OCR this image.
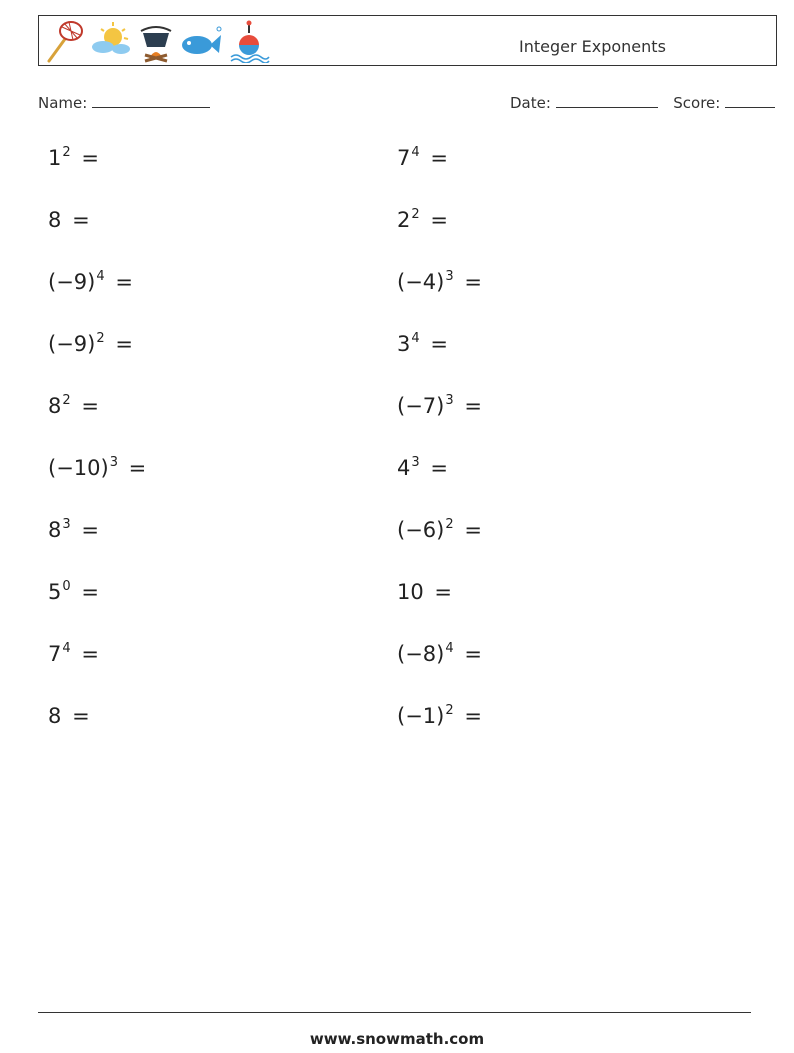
Integer Exponents
Name:	Date:	Score:
$1^2$ =
8 =
$(-9)^4$ =
$(-9)^2$ =
$8^2$ =
$(-10)^3$ =
$8^3$ =
$5^0$ =
$7^4$ =
8 =
$7^4$ =
$2^2$ =
$(-4)^3$ =
$3^4$ =
$(-7)^3$ =
$4^3$ =
$(-6)^2$ =
10 =
$(-8)^4$ =
$(-1)^2$ =
www.snowmath.com
